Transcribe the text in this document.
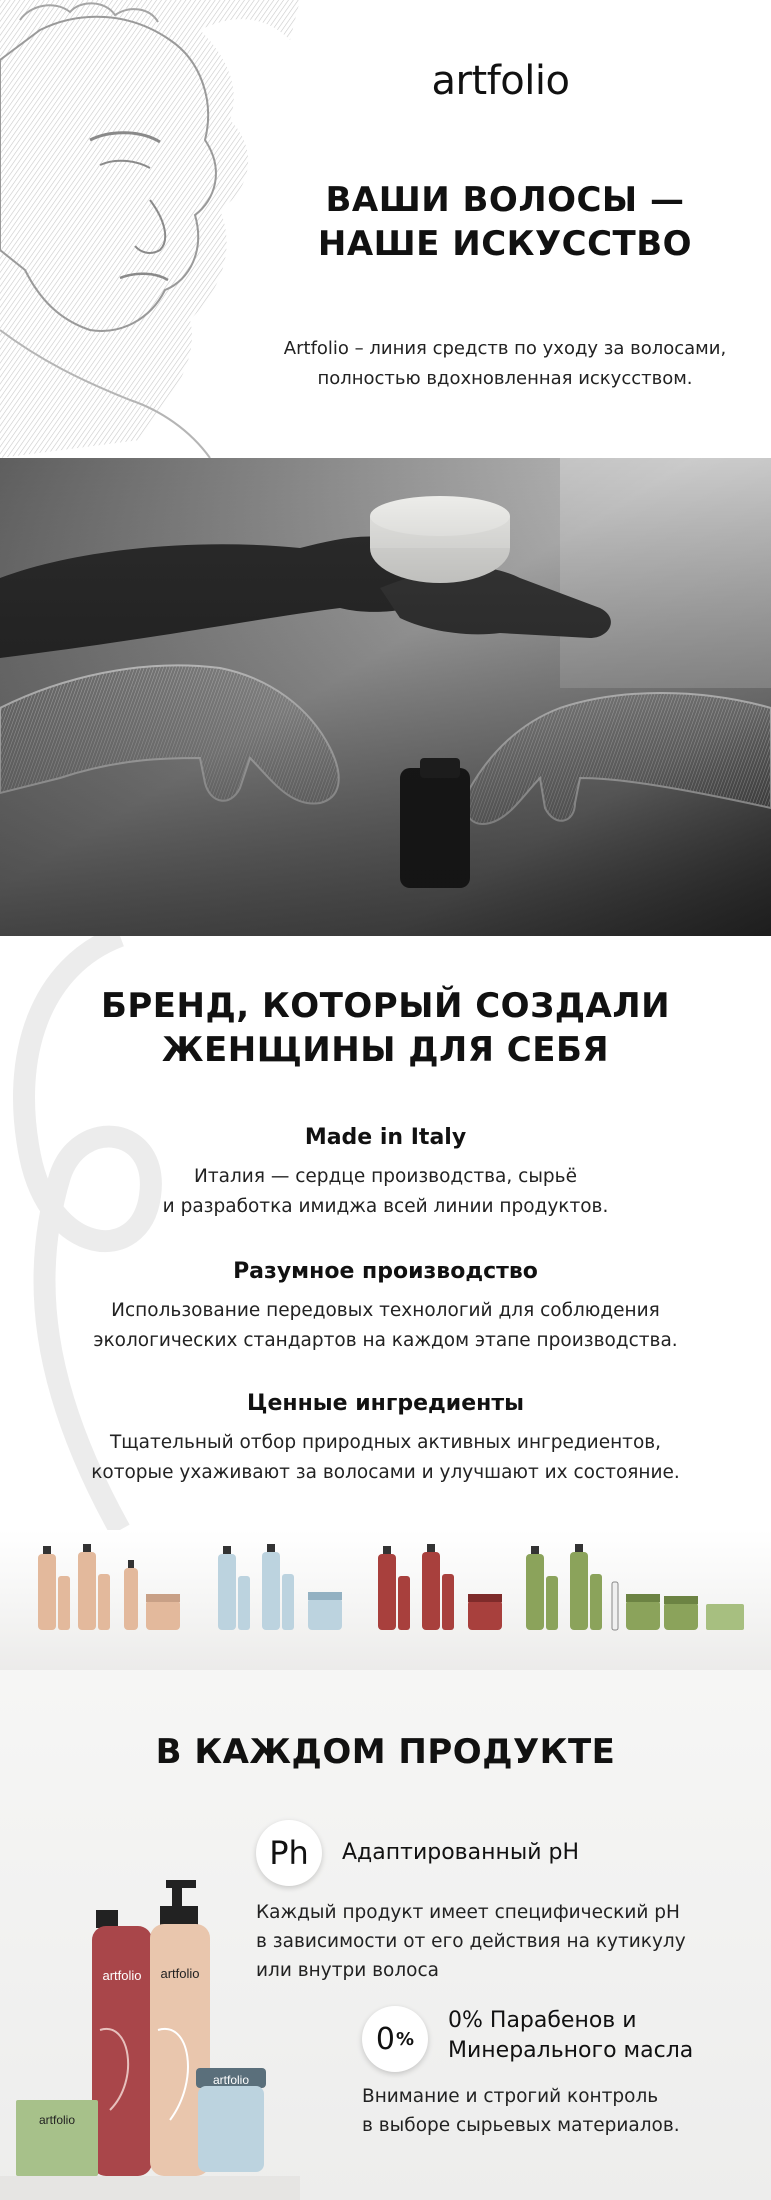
artfolio
ВАШИ ВОЛОСЫ —
НАШЕ ИСКУССТВО
Artfolio – линия средств по уходу за волосами,
полностью вдохновленная искусством.
БРЕНД, КОТОРЫЙ СОЗДАЛИ
ЖЕНЩИНЫ ДЛЯ СЕБЯ
Made in Italy

Италия — сердце производства, сырьё
и разработка имиджа всей линии продуктов.

Разумное производство

Использование передовых технологий для соблюдения
экологических стандартов на каждом этапе производства.

Ценные ингредиенты

Тщательный отбор природных активных ингредиентов,
которые ухаживают за волосами и улучшают их состояние.

В КАЖДОМ ПРОДУКТЕ
Ph Адаптированный pH
Каждый продукт имеет специфический pH
в зависимости от его действия на кутикулу
или внутри волоса
0 %
0% Парабенов и
Минерального масла
Внимание и строгий контроль
в выборе сырьевых материалов.
artfolio artfolio
artfolio
artfolio
